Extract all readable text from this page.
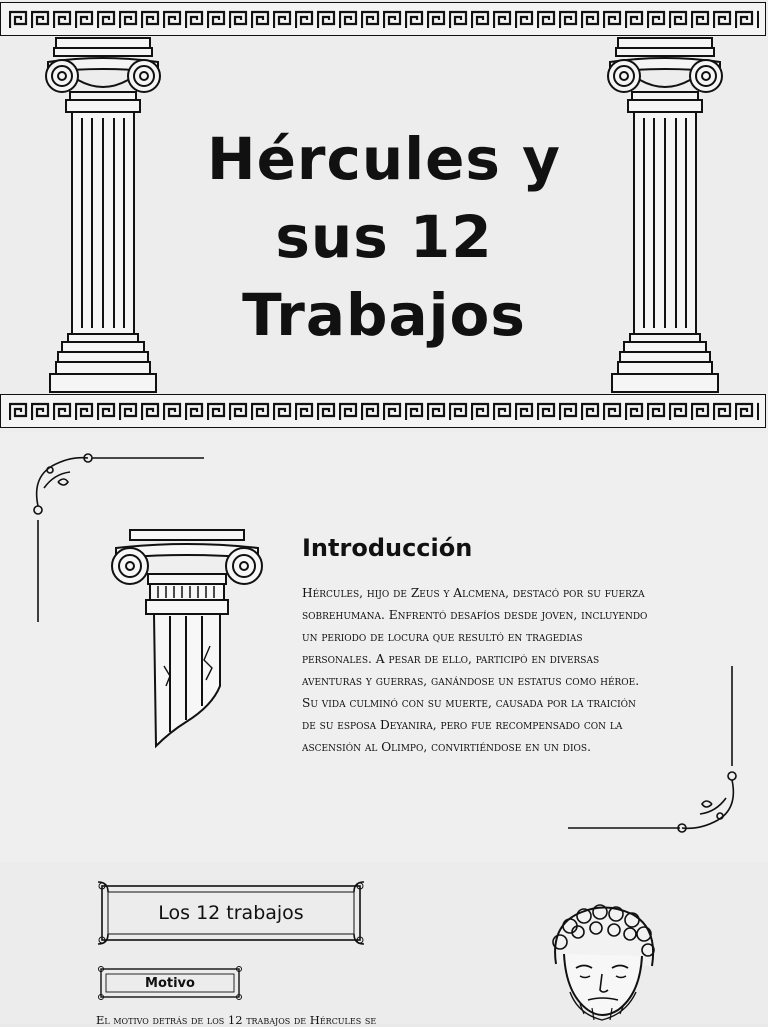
Hércules y
sus 12
Trabajos
Introducción

Hércules, hijo de Zeus y Alcmena, destacó por su fuerza sobrehumana. Enfrentó desafíos desde joven, incluyendo un periodo de locura que resultó en tragedias personales. A pesar de ello, participó en diversas aventuras y guerras, ganándose un estatus como héroe. Su vida culminó con su muerte, causada por la traición de su esposa Deyanira, pero fue recompensado con la ascensión al Olimpo, convirtiéndose en un dios.

Los 12 trabajos
Motivo
El motivo detrás de los 12 trabajos de Hércules se
